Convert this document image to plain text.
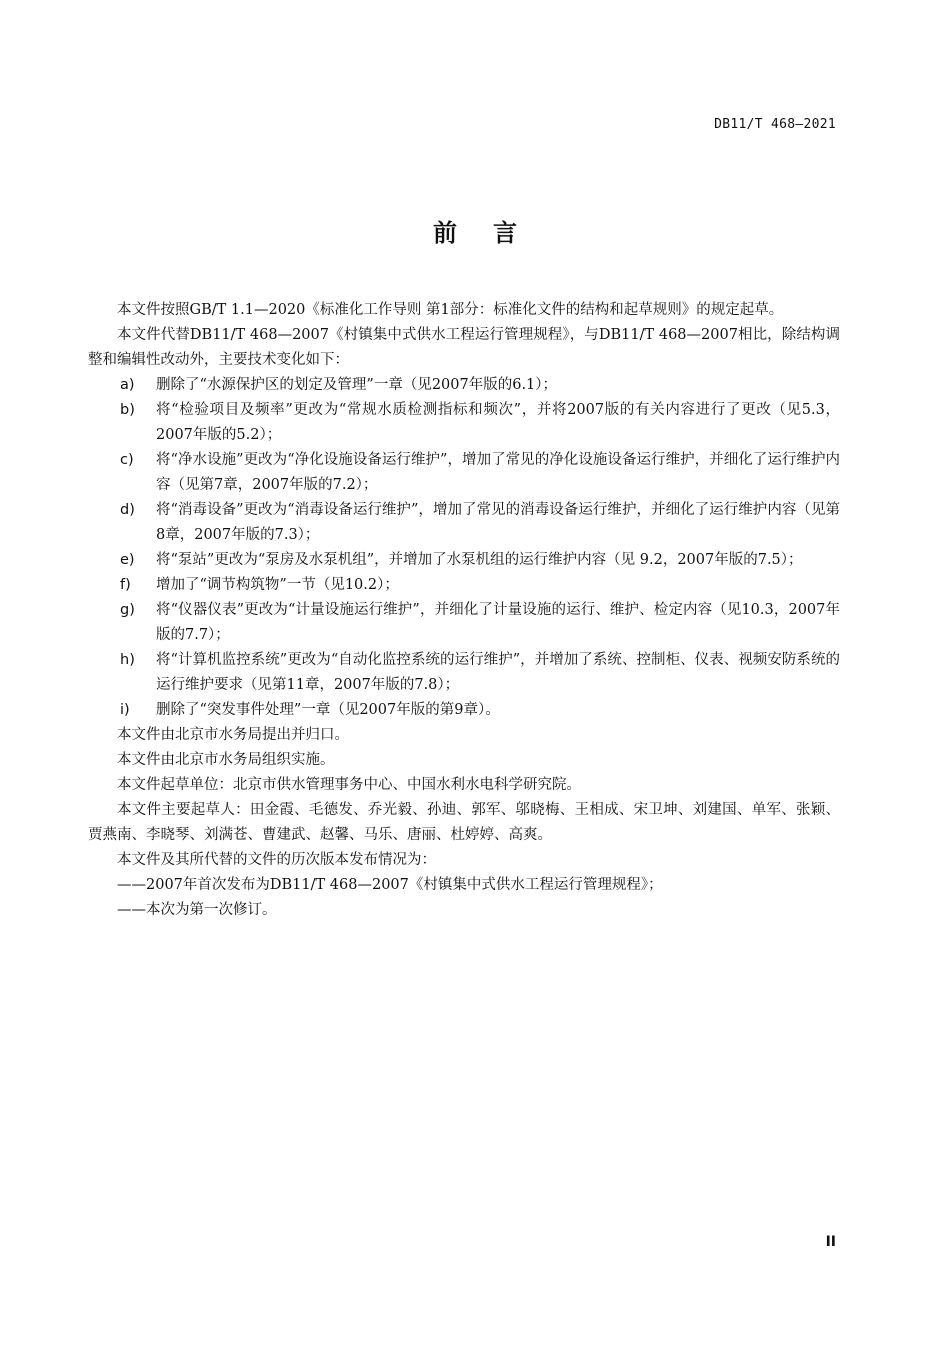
DB11/T 468—2021
前言

本文件按照GB/T 1.1—2020《标准化工作导则 第1部分：标准化文件的结构和起草规则》的规定起草。

本文件代替DB11/T 468—2007《村镇集中式供水工程运行管理规程》，与DB11/T 468—2007相比，除结构调整和编辑性改动外，主要技术变化如下：

a)	删除了“水源保护区的划定及管理”一章（见2007年版的6.1）；
b)	将“检验项目及频率”更改为“常规水质检测指标和频次”，并将2007版的有关内容进行了更改（见5.3，2007年版的5.2）；
c)	将“净水设施”更改为“净化设施设备运行维护”，增加了常见的净化设施设备运行维护，并细化了运行维护内容（见第7章，2007年版的7.2）；
d)	将“消毒设备”更改为“消毒设备运行维护”，增加了常见的消毒设备运行维护，并细化了运行维护内容（见第8章，2007年版的7.3）；
e)	将“泵站”更改为“泵房及水泵机组”，并增加了水泵机组的运行维护内容（见 9.2，2007年版的7.5）；
f)	增加了“调节构筑物”一节（见10.2）；
g)	将“仪器仪表”更改为“计量设施运行维护”，并细化了计量设施的运行、维护、检定内容（见10.3，2007年版的7.7）；
h)	将“计算机监控系统”更改为“自动化监控系统的运行维护”，并增加了系统、控制柜、仪表、视频安防系统的运行维护要求（见第11章，2007年版的7.8）；
i)	删除了“突发事件处理”一章（见2007年版的第9章）。

本文件由北京市水务局提出并归口。

本文件由北京市水务局组织实施。

本文件起草单位：北京市供水管理事务中心、中国水利水电科学研究院。

本文件主要起草人：田金霞、毛德发、乔光毅、孙迪、郭军、邬晓梅、王相成、宋卫坤、刘建国、单军、张颖、贾燕南、李晓琴、刘满苍、曹建武、赵馨、马乐、唐丽、杜婷婷、高爽。

本文件及其所代替的文件的历次版本发布情况为：

——2007年首次发布为DB11/T 468—2007《村镇集中式供水工程运行管理规程》；

——本次为第一次修订。

II
